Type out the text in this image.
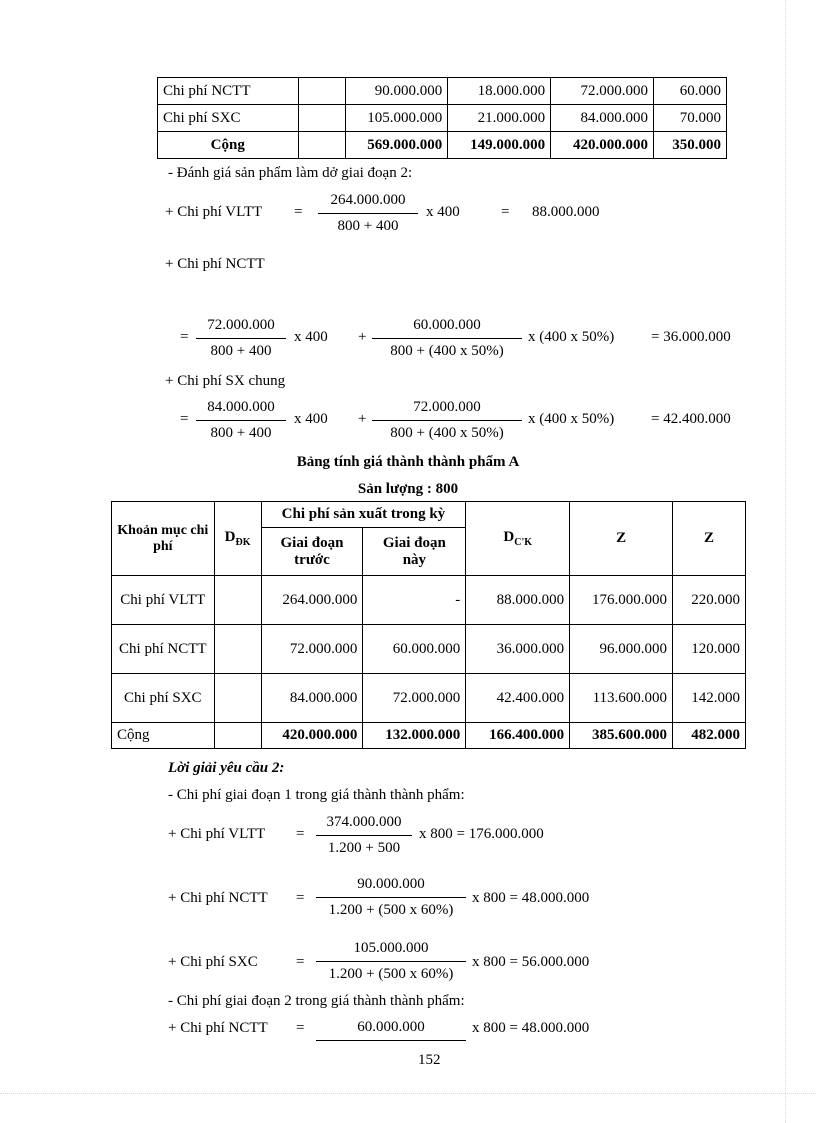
Chi phí NCTT		90.000.000	18.000.000	72.000.000	60.000
Chi phí SXC		105.000.000	21.000.000	84.000.000	70.000
Cộng		569.000.000	149.000.000	420.000.000	350.000
- Đánh giá sản phẩm làm dở giai đoạn 2:
+ Chi phí VLTT = $\frac{264.000.000}{800 + 400}$ x 400	= 88.000.000
+ Chi phí NCTT
= $\frac{72.000.000}{800 + 400}$ x $400 + \frac{60.000.000}{800 + (400 x 50\%)}$ x (400 x 50%) = 36.000.000
+ Chi phí SX chung
= $\frac{84.000.000}{800 + 400}$ x $400 + \frac{72.000.000}{800 + (400 x 50\%)}$ x (400 x 50%) = 42.400.000
Bảng tính giá thành thành phẩm A
Sản lượng : 800
Khoản mục chi phí	$D_{ĐK}$	Chi phí sản xuất trong kỳ		$D_{C'K}$	Z	Z
		Giai đoạn trước	Giai đoạn này			
Chi phí VLTT		264.000.000	-	88.000.000	176.000.000	220.000
Chi phí NCTT		72.000.000	60.000.000	36.000.000	96.000.000	120.000
Chi phí SXC		84.000.000	72.000.000	42.400.000	113.600.000	142.000
Cộng		420.000.000	132.000.000	166.400.000	385.600.000	482.000
Lời giải yêu cầu 2:
- Chi phí giai đoạn 1 trong giá thành thành phẩm:
+ Chi phí VLTT = $\frac{374.000.000}{1.200 + 500}$ x 800 = 176.000.000
+ Chi phí NCTT = $\frac{90.000.000}{1.200 + (500 x 60\%)}$ x 800 = 48.000.000
+ Chi phí SXC	= $\frac{105.000.000}{1.200 + (500 x 60\%)}$ x 800 = 56.000.000
- Chi phí giai đoạn 2 trong giá thành thành phẩm:
+ Chi phí NCTT =	60.000.000	x 800 = 48.000.000
152
